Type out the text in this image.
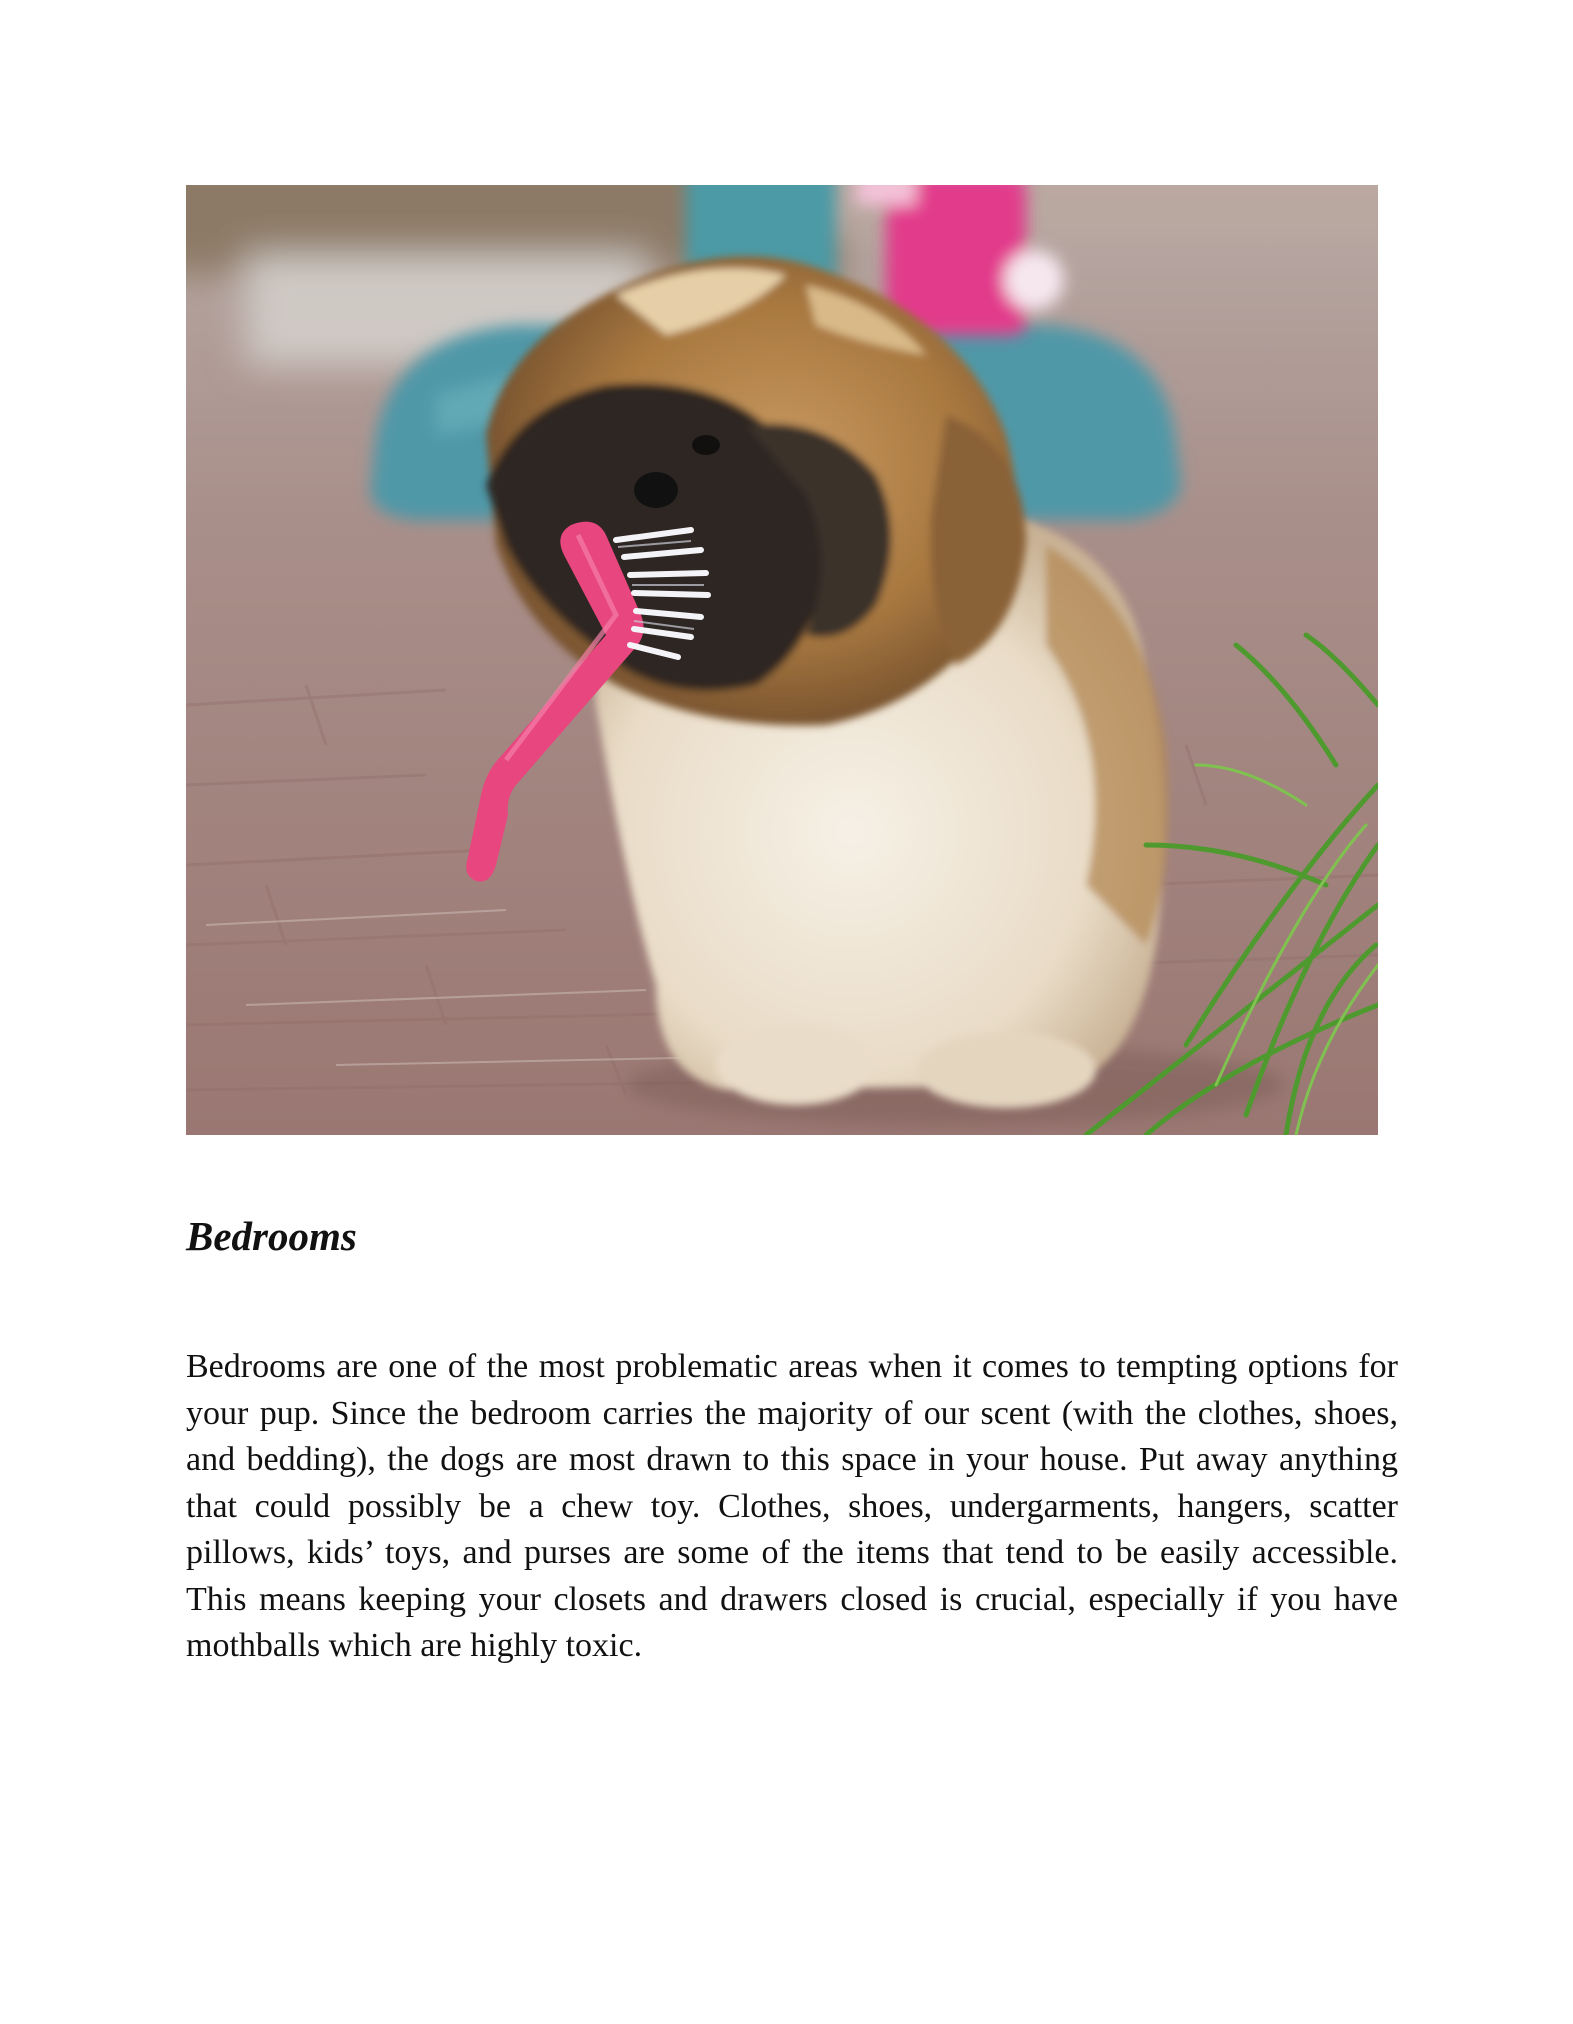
Bedrooms

Bedrooms are one of the most problematic areas when it comes to tempting options for your pup. Since the bedroom carries the majority of our scent (with the clothes, shoes, and bedding), the dogs are most drawn to this space in your house. Put away anything that could possibly be a chew toy. Clothes, shoes, undergarments, hangers, scatter pillows, kids’ toys, and purses are some of the items that tend to be easily accessible. This means keeping your closets and drawers closed is crucial, especially if you have mothballs which are highly toxic.
